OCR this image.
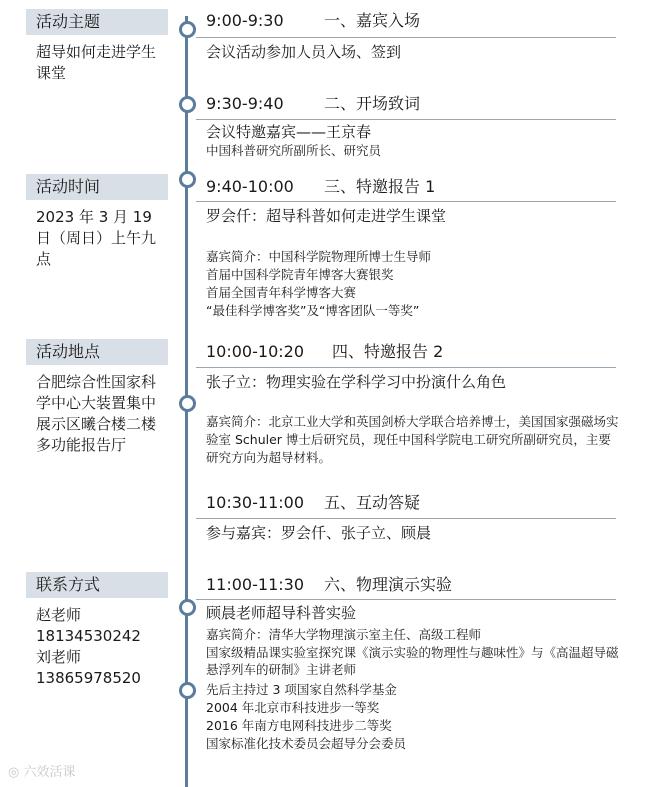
活动主题
超导如何走进学生课堂
活动时间
2023 年 3 月 19 日（周日）上午九点
活动地点
合肥综合性国家科学中心大装置集中展示区曦合楼二楼多功能报告厅
联系方式
赵老师
18134530242
刘老师
13865978520
9:00-9:30	一、嘉宾入场
会议活动参加人员入场、签到
9:30-9:40	二、开场致词
会议特邀嘉宾——王京春
中国科普研究所副所长、研究员
9:40-10:00 三、特邀报告 1
罗会仟：超导科普如何走进学生课堂
嘉宾简介：中国科学院物理所博士生导师
首届中国科学院青年博客大赛银奖
首届全国青年科学博客大赛
“最佳科学博客奖”及“博客团队一等奖”
10:00-10:20 四、特邀报告 2
张子立：物理实验在学科学习中扮演什么角色
嘉宾简介：北京工业大学和英国剑桥大学联合培养博士，美国国家强磁场实验室 Schuler 博士后研究员，现任中国科学院电工研究所副研究员，主要研究方向为超导材料。
10:30-11:00 五、互动答疑
参与嘉宾：罗会仟、张子立、顾晨
11:00-11:30 六、物理演示实验
顾晨老师超导科普实验
嘉宾简介：清华大学物理演示室主任、高级工程师
国家级精品课实验室探究课《演示实验的物理性与趣味性》与《高温超导磁悬浮列车的研制》主讲老师
先后主持过 3 项国家自然科学基金
2004 年北京市科技进步一等奖
2016 年南方电网科技进步二等奖
国家标准化技术委员会超导分会委员
◎ 六效活课
